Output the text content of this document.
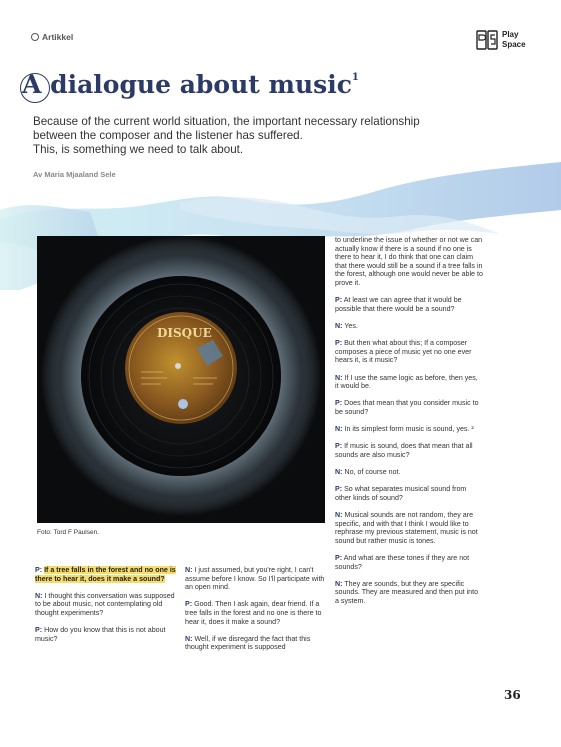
Artikkel	Play
Space
A dialogue about music$^1$

Because of the current world situation, the important necessary relationship

between the composer and the listener has suffered.

This, is something we need to talk about.

Av Maria Mjaaland Sele
DISQUE
Foto: Tord F Paulsen.

P: If a tree falls in the forest and no one is there to hear it, does it make a sound?

N: I thought this conversation was supposed to be about music, not contemplating old thought experiments?

P: How do you know that this is not about music?

N: I just assumed, but you're right, I can't assume before I know. So I'll participate with an open mind.

P: Good. Then I ask again, dear friend. If a tree falls in the forest and no one is there to hear it, does it make a sound?

N: Well, if we disregard the fact that this thought experiment is supposed

to underline the issue of whether or not we can actually know if there is a sound if no one is there to hear it, I do think that one can claim that there would still be a sound if a tree falls in the forest, although one would never be able to prove it.

P: At least we can agree that it would be possible that there would be a sound?

N: Yes.

P: But then what about this; If a composer composes a piece of music yet no one ever hears it, is it music?

N: If I use the same logic as before, then yes, it would be.

P: Does that mean that you consider music to be sound?

N: In its simplest form music is sound, yes. ²

P: If music is sound, does that mean that all sounds are also music?

N: No, of course not.

P: So what separates musical sound from other kinds of sound?

N: Musical sounds are not random, they are specific, and with that I think I would like to rephrase my previous statement, music is not sound but rather music is tones.

P: And what are these tones if they are not sounds?

N: They are sounds, but they are specific sounds. They are measured and then put into a system.

36
